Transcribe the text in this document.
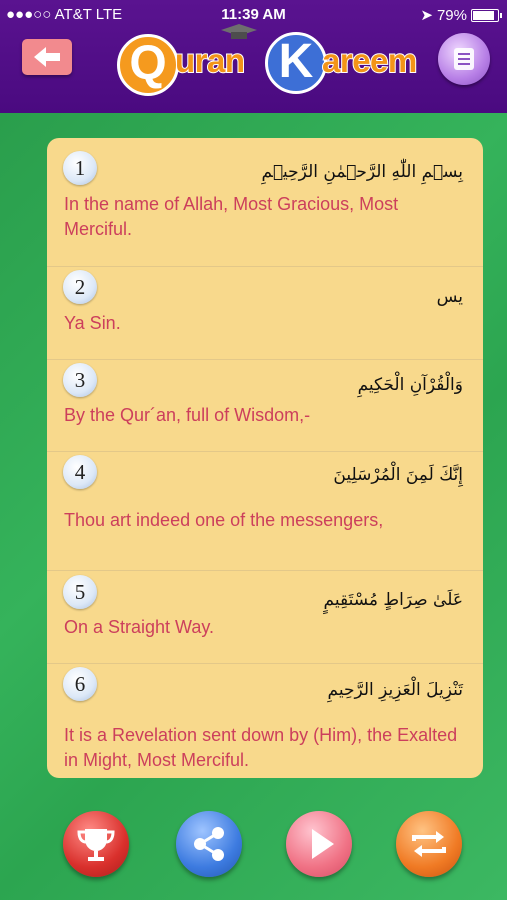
●●●○○ AT&T LTE	11:39 AM	➤ 79%
Q uran K areem
1	بِسۡمِ اللّٰهِ الرَّحۡمٰنِ الرَّحِيۡمِ
In the name of Allah, Most Gracious, Most Merciful.
2	يس
Ya Sin.
3	وَالْقُرْآنِ الْحَكِيمِ
By the Qur´an, full of Wisdom,-
4	إِنَّكَ لَمِنَ الْمُرْسَلِينَ
Thou art indeed one of the messengers,
5	عَلَىٰ صِرَاطٍ مُسْتَقِيمٍ
On a Straight Way.
6	تَنْزِيلَ الْعَزِيزِ الرَّحِيمِ
It is a Revelation sent down by (Him), the Exalted in Might, Most Merciful.
